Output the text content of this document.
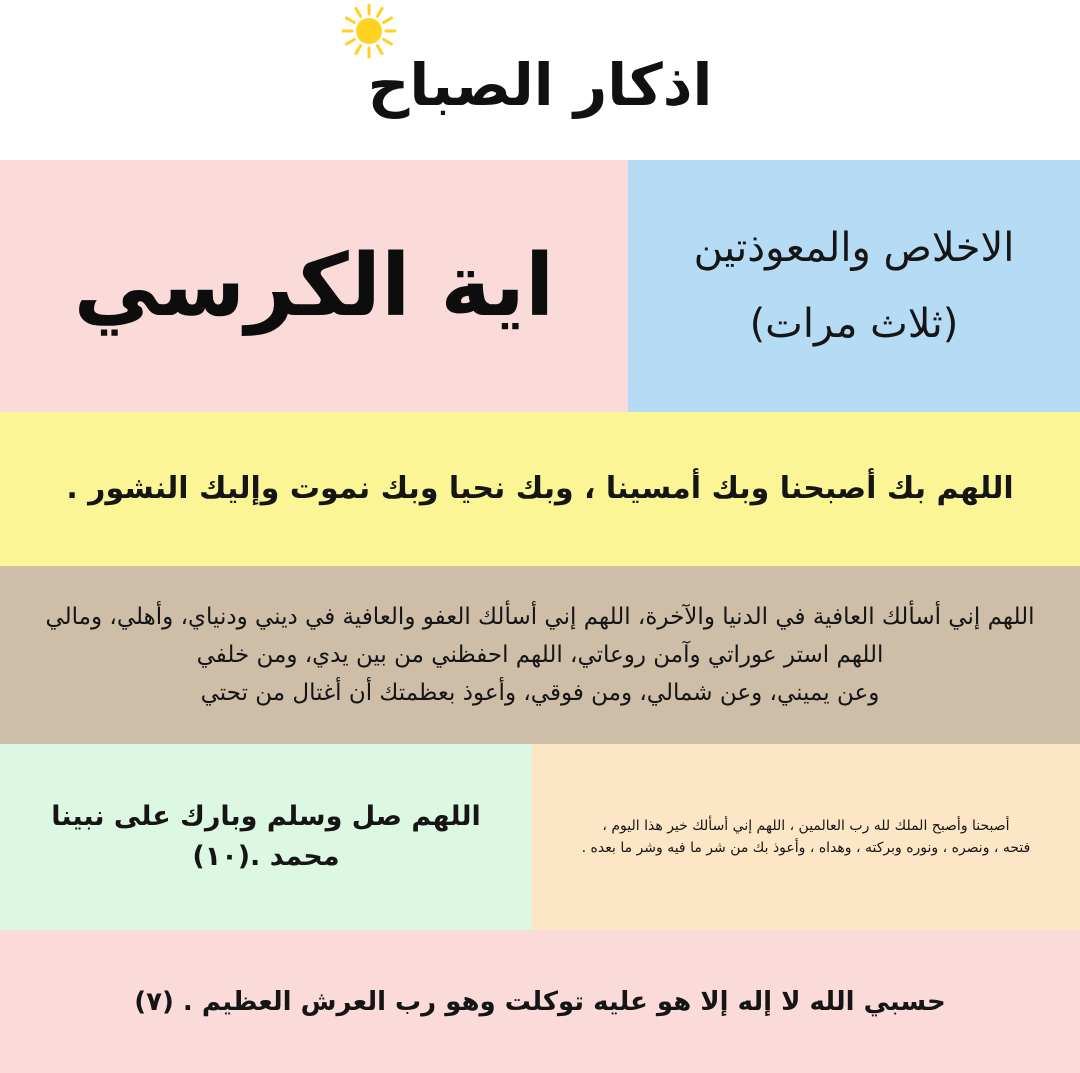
اذكار الصباح
اية الكرسي	الاخلاص والمعوذتين
(ثلاث مرات)
اللهم بك أصبحنا وبك أمسينا ، وبك نحيا وبك نموت وإليك النشور .
اللهم إني أسألك العافية في الدنيا والآخرة، اللهم إني أسألك العفو والعافية في ديني ودنياي، وأهلي، ومالي
اللهم استر عوراتي وآمن روعاتي، اللهم احفظني من بين يدي، ومن خلفي
وعن يميني، وعن شمالي، ومن فوقي، وأعوذ بعظمتك أن أغتال من تحتي
اللهم صل وسلم وبارك على نبينا محمد .(١٠)
أصبحنا وأصبح الملك لله رب العالمين ، اللهم إني أسألك خير هذا اليوم ،
فتحه ، ونصره ، ونوره وبركته ، وهداه ، وأعوذ بك من شر ما فيه وشر ما بعده .
حسبي الله لا إله إلا هو عليه توكلت وهو رب العرش العظيم . (٧)
